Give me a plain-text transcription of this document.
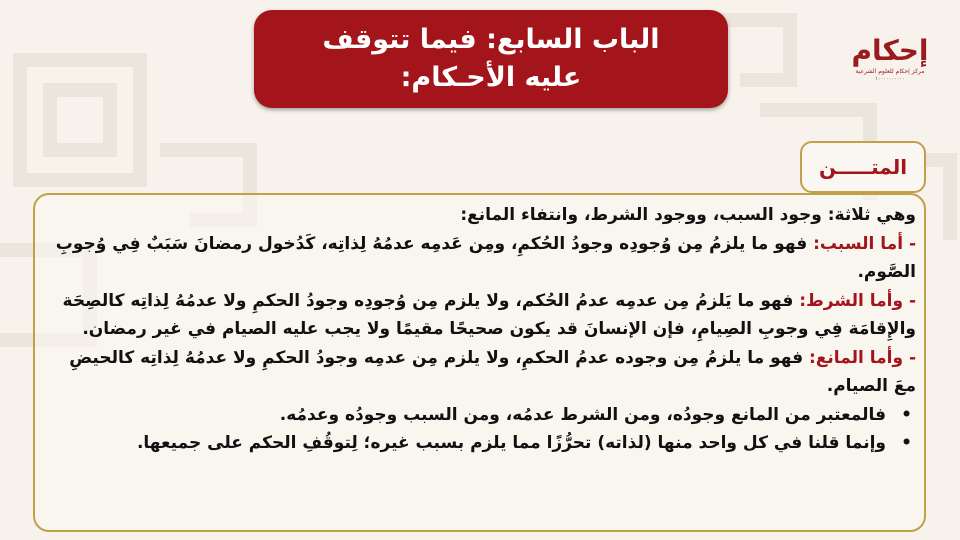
الباب السابع: فيما تتوقف
عليه الأحـكام:
إحكام
مركز إحكام للعلوم الشرعية
١٠٠٠٠٠٠٠٠٠٠
المتـــــن

وهي ثلاثة: وجود السبب، ووجود الشرط، وانتفاء المانع:

- أما السبب: فهو ما يلزمُ مِن وُجودِه وجودُ الحُكمِ، ومِن عَدمِه عدمُهُ لِذاتِه، كَدُخول رمضانَ سَبَبٌ فِي وُجوبِ الصَّوم.

- وأما الشرط: فهو ما يَلزمُ مِن عدمِه عدمُ الحُكم، ولا يلزم مِن وُجودِه وجودُ الحكمِ ولا عدمُهُ لِذاتِه كالصِحَة والإِقامَة فِي وجوبِ الصِيامِ، فإن الإنسانَ قد يكون صحيحًا مقيمًا ولا يجب عليه الصيام في غير رمضان.

- وأما المانع: فهو ما يلزمُ مِن وجوده عدمُ الحكمِ، ولا يلزم مِن عدمِه وجودُ الحكمِ ولا عدمُهُ لِذاتِه كالحيضِ معَ الصيام.

•
فالمعتبر من المانع وجودُه، ومن الشرط عدمُه، ومن السبب وجودُه وعدمُه.
•
وإنما قلنا في كل واحد منها (لذاته) تحرُّزًا مما يلزم بسبب غيره؛ لِتوقُفِ الحكم على جميعها.
